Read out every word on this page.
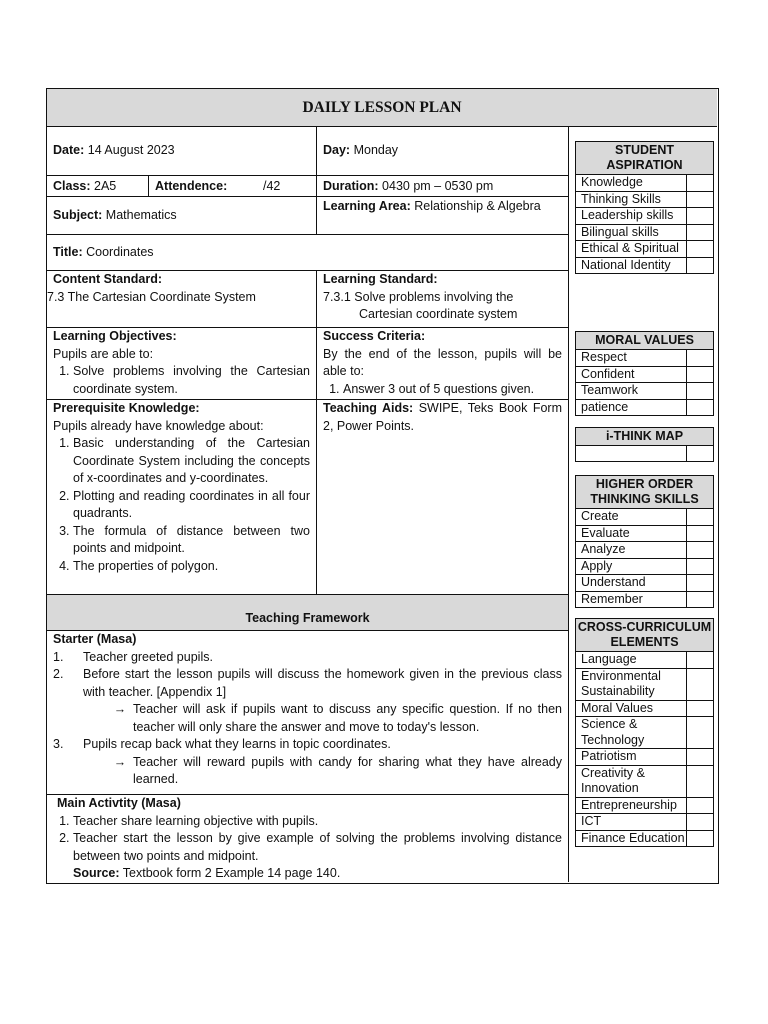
DAILY LESSON PLAN
Date: 14 August 2023	Day: Monday
Class: 2A5	Attendence:	/42	Duration: 0430 pm – 0530 pm
Subject: Mathematics
Learning Area: Relationship & Algebra
Title: Coordinates
Content Standard:
7.3 The Cartesian Coordinate System
Learning Standard:
7.3.1 Solve problems involving the Cartesian coordinate system
Learning Objectives:
Pupils are able to:
1. Solve problems involving the Cartesian coordinate system.
Success Criteria:
By the end of the lesson, pupils will be able to:
1. Answer 3 out of 5 questions given.
Prerequisite Knowledge:
Pupils already have knowledge about:
1. Basic understanding of the Cartesian Coordinate System including the concepts of x-coordinates and y-coordinates.
2. Plotting and reading coordinates in all four quadrants.
3. The formula of distance between two points and midpoint.
4. The properties of polygon.
Teaching Aids: SWIPE, Teks Book Form 2, Power Points.
Teaching Framework
Starter (Masa)
1.	Teacher greeted pupils.
2.	Before start the lesson pupils will discuss the homework given in the previous class with teacher. [Appendix 1]
→ Teacher will ask if pupils want to discuss any specific question. If no then teacher will only share the answer and move to today's lesson.
3.	Pupils recap back what they learns in topic coordinates.
→ Teacher will reward pupils with candy for sharing what they have already learned.
Main Activtity (Masa)
1. Teacher share learning objective with pupils.
2. Teacher start the lesson by give example of solving the problems involving distance between two points and midpoint.
Source: Textbook form 2 Example 14 page 140.
STUDENT ASPIRATION
Knowledge
Thinking Skills
Leadership skills
Bilingual skills
Ethical & Spiritual
National Identity
MORAL VALUES
Respect
Confident
Teamwork
patience
i-THINK MAP
HIGHER ORDER THINKING SKILLS
Create
Evaluate
Analyze
Apply
Understand
Remember
CROSS-CURRICULUM ELEMENTS
Language
Environmental Sustainability
Moral Values
Science & Technology
Patriotism
Creativity & Innovation
Entrepreneurship
ICT
Finance Education
